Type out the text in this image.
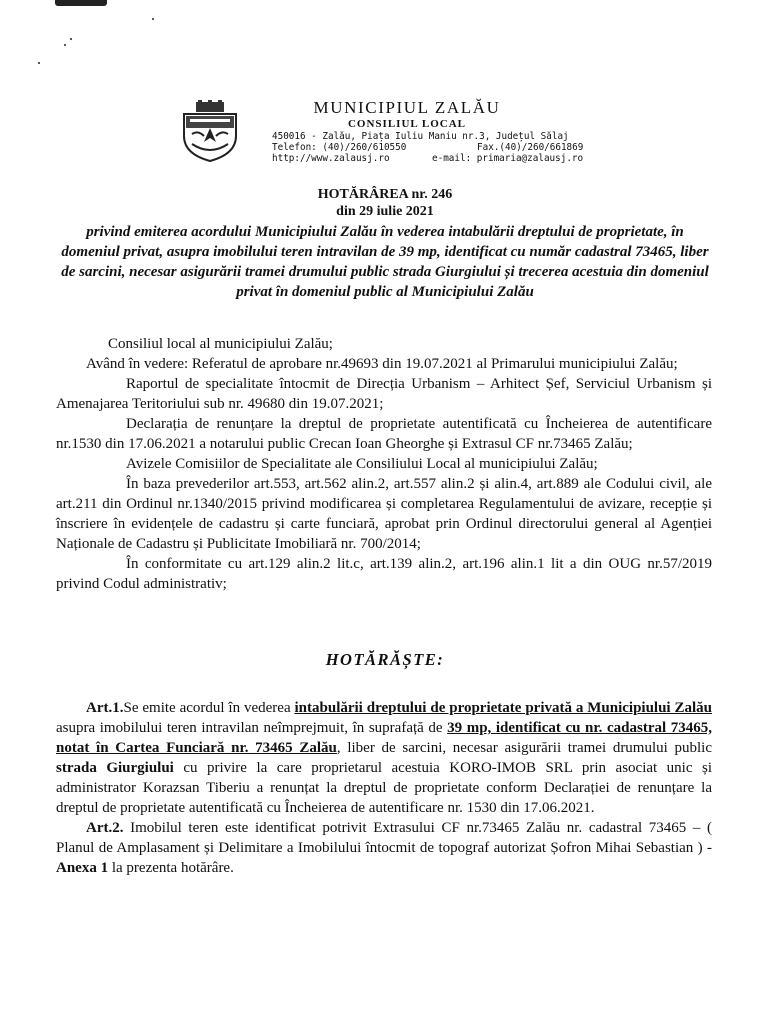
MUNICIPIUL ZALĂU

CONSILIUL LOCAL

450016 - Zalău, Piața Iuliu Maniu nr.3, Județul Sălaj
Telefon: (40)/260/610550	Fax.(40)/260/661869
http://www.zalausj.ro	e-mail: primaria@zalausj.ro
HOTĂRÂREA nr. 246
din 29 iulie 2021
privind emiterea acordului Municipiului Zalău în vederea intabulării dreptului de proprietate, în domeniul privat, asupra imobilului teren intravilan de 39 mp, identificat cu număr cadastral 73465, liber de sarcini, necesar asigurării tramei drumului public strada Giurgiului și trecerea acestuia din domeniul privat în domeniul public al Municipiului Zalău

Consiliul local al municipiului Zalău;

Având în vedere: Referatul de aprobare nr.49693 din 19.07.2021 al Primarului municipiului Zalău;

Raportul de specialitate întocmit de Direcția Urbanism – Arhitect Șef, Serviciul Urbanism și Amenajarea Teritoriului sub nr. 49680 din 19.07.2021;

Declarația de renunțare la dreptul de proprietate autentificată cu Încheierea de autentificare nr.1530 din 17.06.2021 a notarului public Crecan Ioan Gheorghe și Extrasul CF nr.73465 Zalău;

Avizele Comisiilor de Specialitate ale Consiliului Local al municipiului Zalău;

În baza prevederilor art.553, art.562 alin.2, art.557 alin.2 și alin.4, art.889 ale Codului civil, ale art.211 din Ordinul nr.1340/2015 privind modificarea și completarea Regulamentului de avizare, recepție și înscriere în evidențele de cadastru și carte funciară, aprobat prin Ordinul directorului general al Agenției Naționale de Cadastru și Publicitate Imobiliară nr. 700/2014;

În conformitate cu art.129 alin.2 lit.c, art.139 alin.2, art.196 alin.1 lit a din OUG nr.57/2019 privind Codul administrativ;

HOTĂRĂȘTE:

Art.1.Se emite acordul în vederea intabulării dreptului de proprietate privată a Municipiului Zalău asupra imobilului teren intravilan neîmprejmuit, în suprafață de 39 mp, identificat cu nr. cadastral 73465, notat în Cartea Funciară nr. 73465 Zalău, liber de sarcini, necesar asigurării tramei drumului public strada Giurgiului cu privire la care proprietarul acestuia KORO-IMOB SRL prin asociat unic și administrator Korazsan Tiberiu a renunțat la dreptul de proprietate conform Declarației de renunțare la dreptul de proprietate autentificată cu Încheierea de autentificare nr. 1530 din 17.06.2021.

Art.2. Imobilul teren este identificat potrivit Extrasului CF nr.73465 Zalău nr. cadastral 73465 – ( Planul de Amplasament și Delimitare a Imobilului întocmit de topograf autorizat Șofron Mihai Sebastian ) - Anexa 1 la prezenta hotărâre.
